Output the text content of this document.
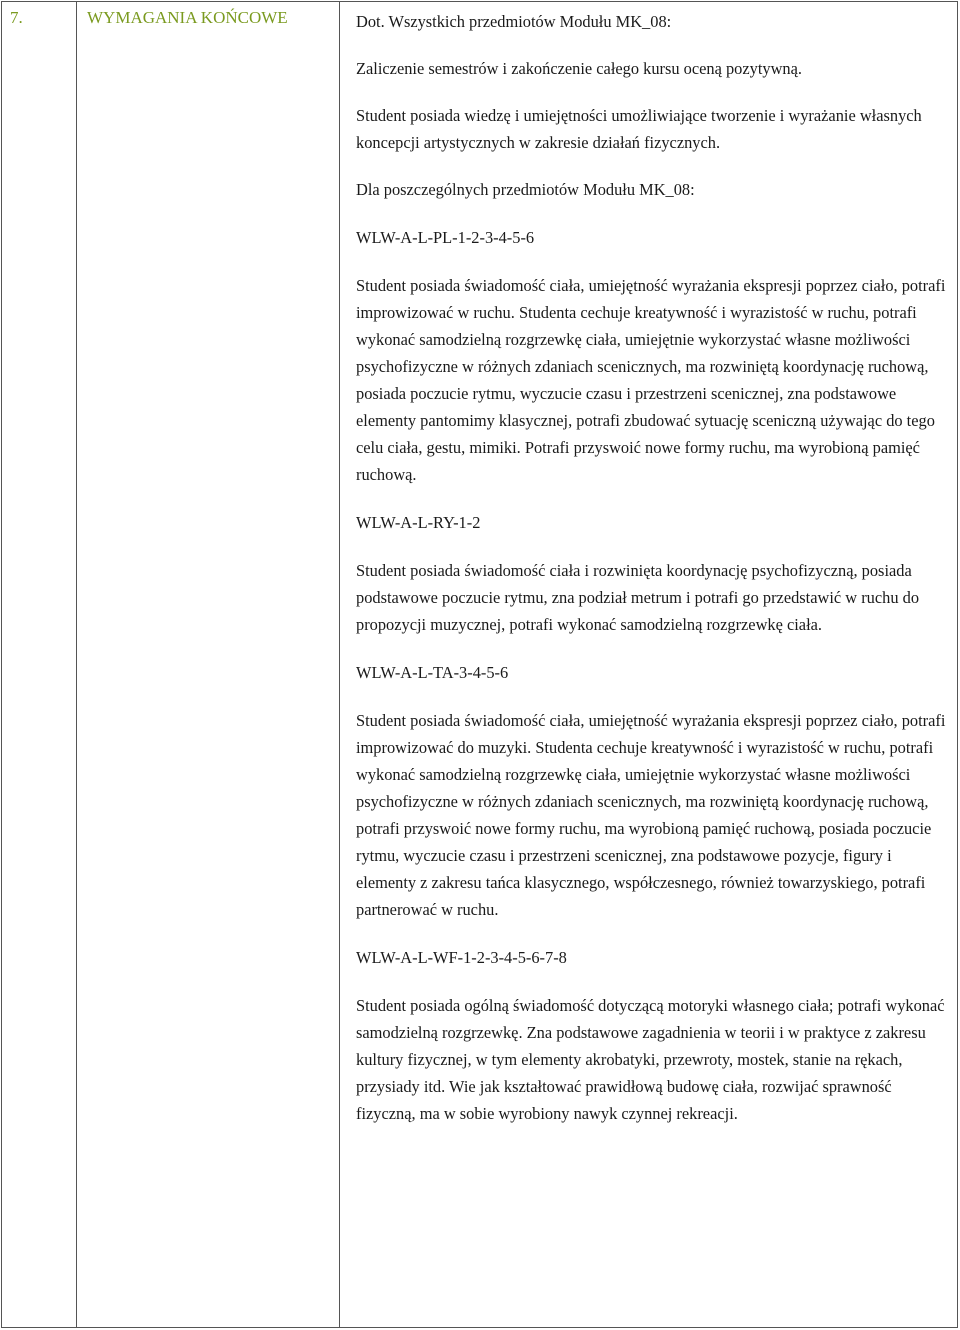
7.	WYMAGANIA KOŃCOWE	Dot. Wszystkich przedmiotów Modułu MK_08:

Zaliczenie semestrów i zakończenie całego kursu oceną pozytywną.

Student posiada wiedzę i umiejętności umożliwiające tworzenie i wyrażanie własnych koncepcji artystycznych w zakresie działań fizycznych.

Dla poszczególnych przedmiotów Modułu MK_08:

WLW-A-L-PL-1-2-3-4-5-6

Student posiada świadomość ciała, umiejętność wyrażania ekspresji poprzez ciało, potrafi improwizować w ruchu. Studenta cechuje kreatywność i wyrazistość w ruchu, potrafi wykonać samodzielną rozgrzewkę ciała, umiejętnie wykorzystać własne możliwości psychofizyczne w różnych zdaniach scenicznych, ma rozwiniętą koordynację ruchową, posiada poczucie rytmu, wyczucie czasu i przestrzeni scenicznej, zna podstawowe elementy pantomimy klasycznej, potrafi zbudować sytuację sceniczną używając do tego celu ciała, gestu, mimiki. Potrafi przyswoić nowe formy ruchu, ma wyrobioną pamięć ruchową.

WLW-A-L-RY-1-2

Student posiada świadomość ciała i rozwinięta koordynację psychofizyczną, posiada podstawowe poczucie rytmu, zna podział metrum i potrafi go przedstawić w ruchu do propozycji muzycznej, potrafi wykonać samodzielną rozgrzewkę ciała.

WLW-A-L-TA-3-4-5-6

Student posiada świadomość ciała, umiejętność wyrażania ekspresji poprzez ciało, potrafi improwizować do muzyki. Studenta cechuje kreatywność i wyrazistość w ruchu, potrafi wykonać samodzielną rozgrzewkę ciała, umiejętnie wykorzystać własne możliwości psychofizyczne w różnych zdaniach scenicznych, ma rozwiniętą koordynację ruchową, potrafi przyswoić nowe formy ruchu, ma wyrobioną pamięć ruchową, posiada poczucie rytmu, wyczucie czasu i przestrzeni scenicznej, zna podstawowe pozycje, figury i elementy z zakresu tańca klasycznego, współczesnego, również towarzyskiego, potrafi partnerować w ruchu.

WLW-A-L-WF-1-2-3-4-5-6-7-8

Student posiada ogólną świadomość dotyczącą motoryki własnego ciała; potrafi wykonać samodzielną rozgrzewkę. Zna podstawowe zagadnienia w teorii i w praktyce z zakresu kultury fizycznej, w tym elementy akrobatyki, przewroty, mostek, stanie na rękach, przysiady itd. Wie jak kształtować prawidłową budowę ciała, rozwijać sprawność fizyczną, ma w sobie wyrobiony nawyk czynnej rekreacji.
